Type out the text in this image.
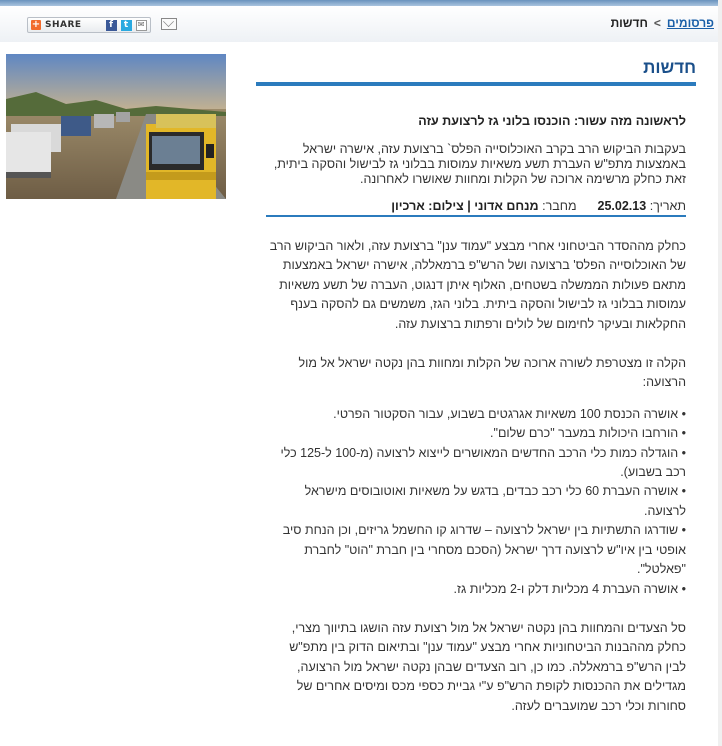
+ SHARE	f	t	✉	פרסומים
>
חדשות
חדשות
לראשונה מזה עשור: הוכנסו בלוני גז לרצועת עזה
בעקבות הביקוש הרב בקרב האוכלוסייה הפלס` ברצועת עזה, אישרה ישראל באמצעות מתפ"ש העברת תשע משאיות עמוסות בבלוני גז לבישול והסקה ביתית, זאת כחלק מרשימה ארוכה של הקלות ומחוות שאושרו לאחרונה.
תאריך: 25.02.13  מחבר: מנחם אדוני | צילום: ארכיון
כחלק מההסדר הביטחוני אחרי מבצע "עמוד ענן" ברצועת עזה, ולאור הביקוש הרב של האוכלוסייה הפלס' ברצועה ושל הרש"פ ברמאללה, אישרה ישראל באמצעות מתאם פעולות הממשלה בשטחים, האלוף איתן דנגוט, העברה של תשע משאיות עמוסות בבלוני גז לבישול והסקה ביתית. בלוני הגז, משמשים גם להסקה בענף החקלאות ובעיקר לחימום של לולים ורפתות ברצועת עזה.
הקלה זו מצטרפת לשורה ארוכה של הקלות ומחוות בהן נקטה ישראל אל מול הרצועה:
• אושרה הכנסת 100 משאיות אגרגטים בשבוע, עבור הסקטור הפרטי.
• הורחבו היכולות במעבר "כרם שלום".
• הוגדלה כמות כלי הרכב החדשים המאושרים לייצוא לרצועה (מ-100 ל-125 כלי רכב בשבוע).
• אושרה העברת 60 כלי רכב כבדים, בדגש על משאיות ואוטובוסים מישראל לרצועה.
• שודרגו התשתיות בין ישראל לרצועה – שדרוג קו החשמל גריזים, וכן הנחת סיב אופטי בין איו"ש לרצועה דרך ישראל (הסכם מסחרי בין חברת "הוט" לחברת "פאלטל".
• אושרה העברת 4 מכליות דלק ו-2 מכליות גז.
סל הצעדים והמחוות בהן נקטה ישראל אל מול רצועת עזה הושגו בתיווך מצרי, כחלק מההבנות הביטחוניות אחרי מבצע "עמוד ענן" ובתיאום הדוק בין מתפ"ש לבין הרש"פ ברמאללה. כמו כן, רוב הצעדים שבהן נקטה ישראל מול הרצועה, מגדילים את ההכנסות לקופת הרש"פ ע"י גביית כספי מכס ומיסים אחרים של סחורות וכלי רכב שמועברים לעזה.
